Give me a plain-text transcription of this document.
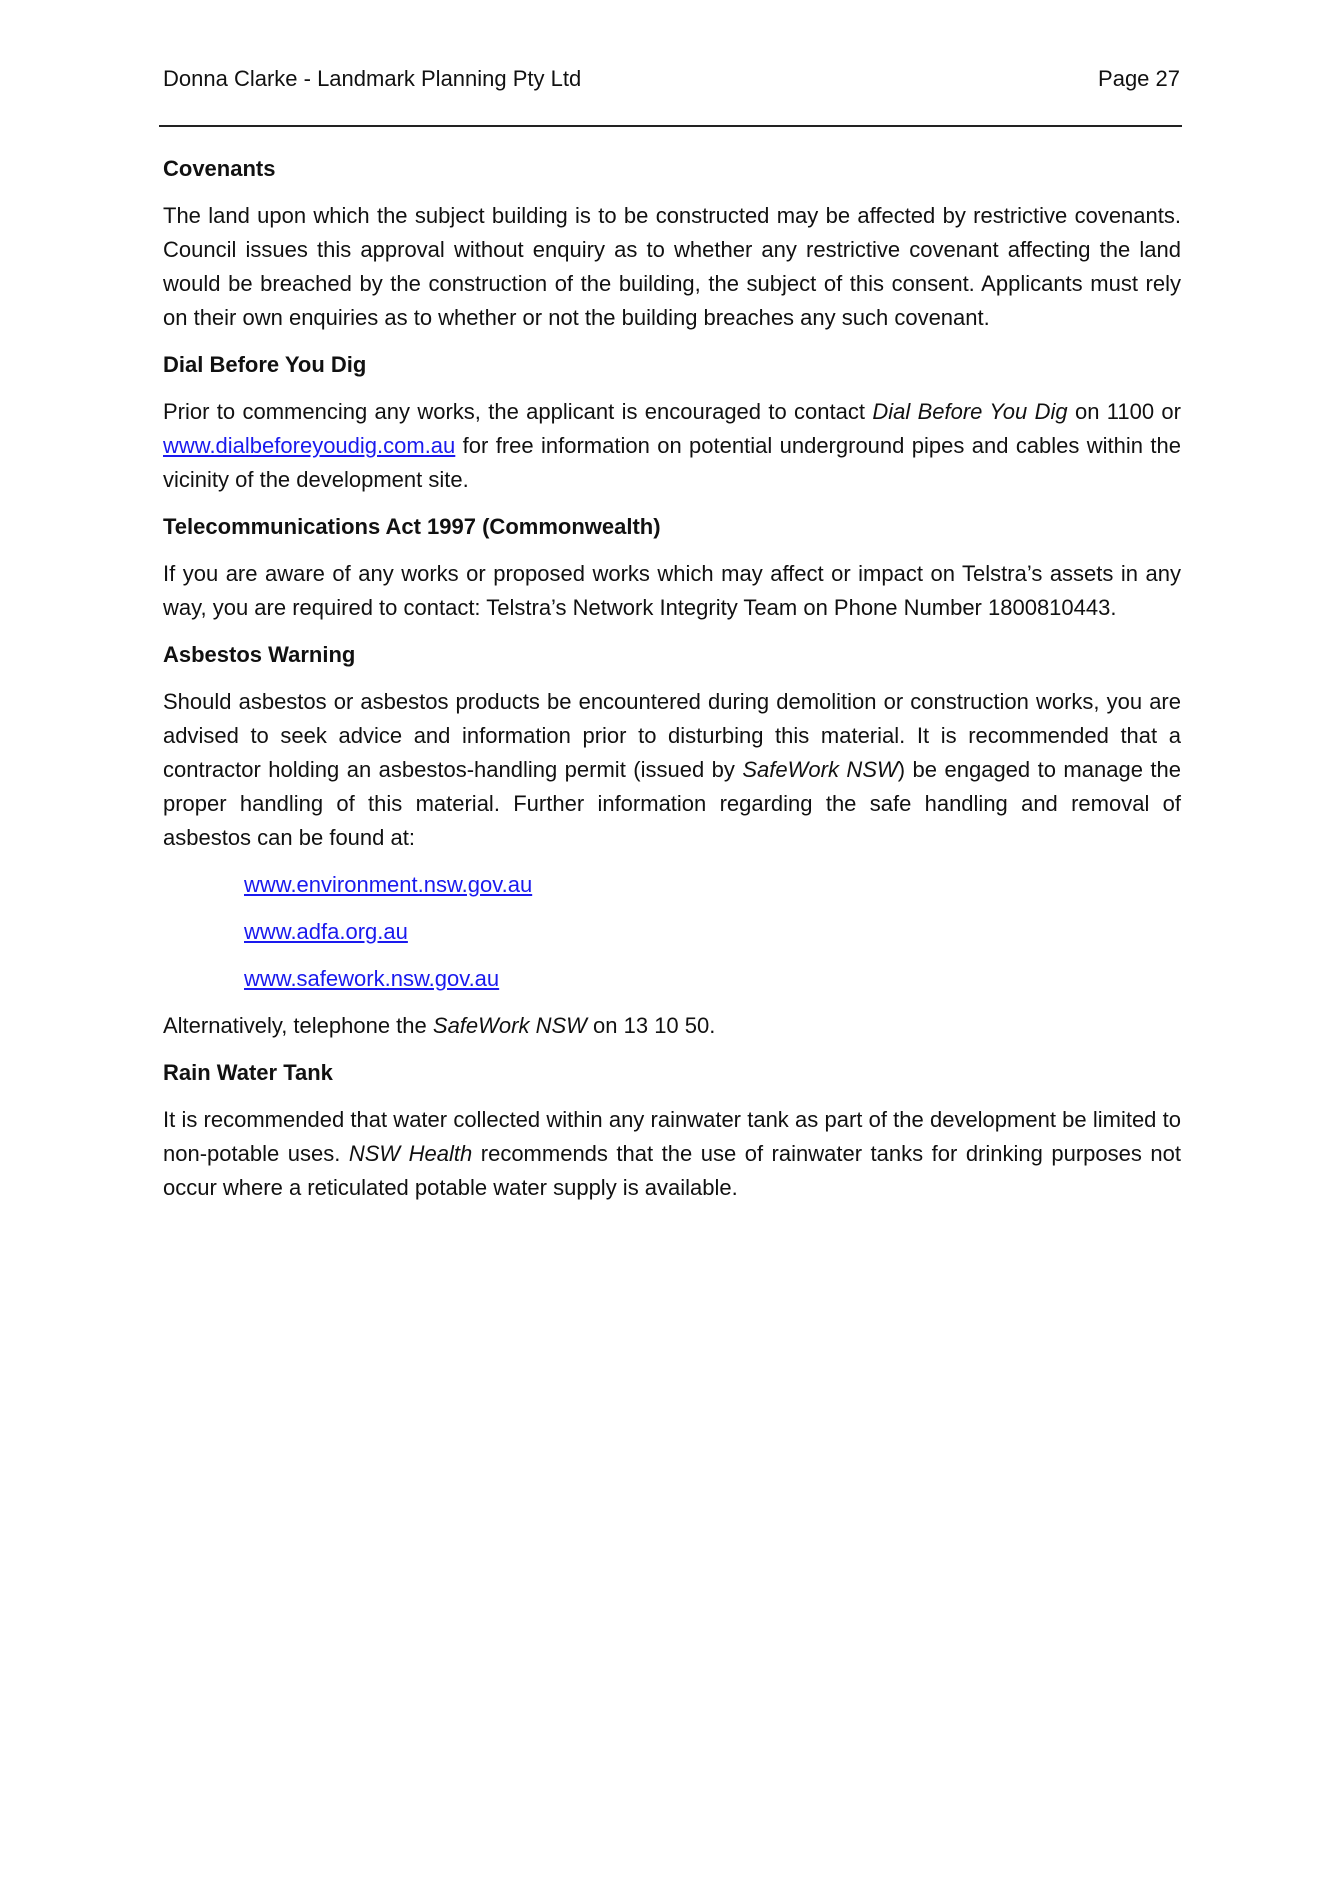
Donna Clarke - Landmark Planning Pty Ltd	Page 27
Covenants

The land upon which the subject building is to be constructed may be affected by restrictive covenants. Council issues this approval without enquiry as to whether any restrictive covenant affecting the land would be breached by the construction of the building, the subject of this consent. Applicants must rely on their own enquiries as to whether or not the building breaches any such covenant.

Dial Before You Dig

Prior to commencing any works, the applicant is encouraged to contact Dial Before You Dig on 1100 or www.dialbeforeyoudig.com.au for free information on potential underground pipes and cables within the vicinity of the development site.

Telecommunications Act 1997 (Commonwealth)

If you are aware of any works or proposed works which may affect or impact on Telstra’s assets in any way, you are required to contact: Telstra’s Network Integrity Team on Phone Number 1800810443.

Asbestos Warning

Should asbestos or asbestos products be encountered during demolition or construction works, you are advised to seek advice and information prior to disturbing this material. It is recommended that a contractor holding an asbestos-handling permit (issued by SafeWork NSW) be engaged to manage the proper handling of this material. Further information regarding the safe handling and removal of asbestos can be found at:

www.environment.nsw.gov.au
www.adfa.org.au
www.safework.nsw.gov.au

Alternatively, telephone the SafeWork NSW on 13 10 50.

Rain Water Tank

It is recommended that water collected within any rainwater tank as part of the development be limited to non-potable uses. NSW Health recommends that the use of rainwater tanks for drinking purposes not occur where a reticulated potable water supply is available.
